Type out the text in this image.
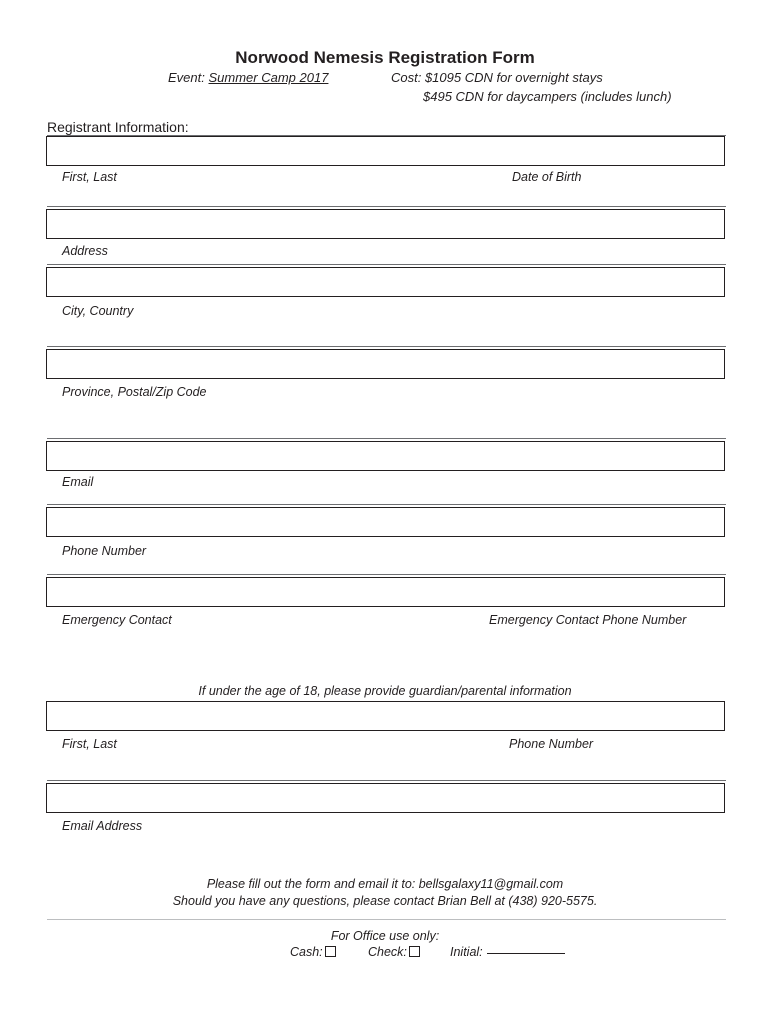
Norwood Nemesis Registration Form
Event: Summer Camp 2017	Cost: $1095 CDN for overnight stays
$495 CDN for daycampers (includes lunch)
Registrant Information:
First, Last	Date of Birth
Address
City, Country
Province, Postal/Zip Code
Email
Phone Number
Emergency Contact	Emergency Contact Phone Number
If under the age of 18, please provide guardian/parental information
First, Last	Phone Number
Email Address
Please fill out the form and email it to: bellsgalaxy11@gmail.com
Should you have any questions, please contact Brian Bell at (438) 920-5575.
For Office use only:
Cash:	Check:	Initial:
